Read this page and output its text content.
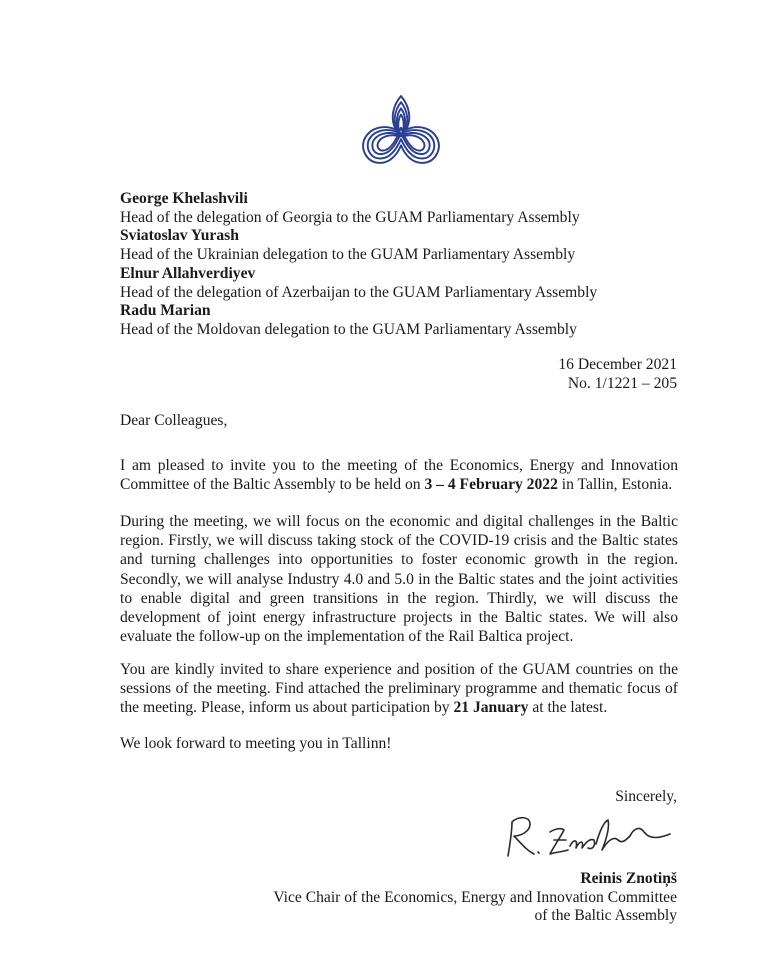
George Khelashvili
Head of the delegation of Georgia to the GUAM Parliamentary Assembly
Sviatoslav Yurash
Head of the Ukrainian delegation to the GUAM Parliamentary Assembly
Elnur Allahverdiyev
Head of the delegation of Azerbaijan to the GUAM Parliamentary Assembly
Radu Marian
Head of the Moldovan delegation to the GUAM Parliamentary Assembly
16 December 2021
No. 1/1221 – 205
Dear Colleagues,

I am pleased to invite you to the meeting of the Economics, Energy and Innovation Committee of the Baltic Assembly to be held on 3 – 4 February 2022 in Tallin, Estonia.

During the meeting, we will focus on the economic and digital challenges in the Baltic region. Firstly, we will discuss taking stock of the COVID-19 crisis and the Baltic states and turning challenges into opportunities to foster economic growth in the region. Secondly, we will analyse Industry 4.0 and 5.0 in the Baltic states and the joint activities to enable digital and green transitions in the region. Thirdly, we will discuss the development of joint energy infrastructure projects in the Baltic states. We will also evaluate the follow-up on the implementation of the Rail Baltica project.

You are kindly invited to share experience and position of the GUAM countries on the sessions of the meeting. Find attached the preliminary programme and thematic focus of the meeting. Please, inform us about participation by 21 January at the latest.

We look forward to meeting you in Tallinn!

Sincerely,
Reinis Znotiņš
Vice Chair of the Economics, Energy and Innovation Committee
of the Baltic Assembly
